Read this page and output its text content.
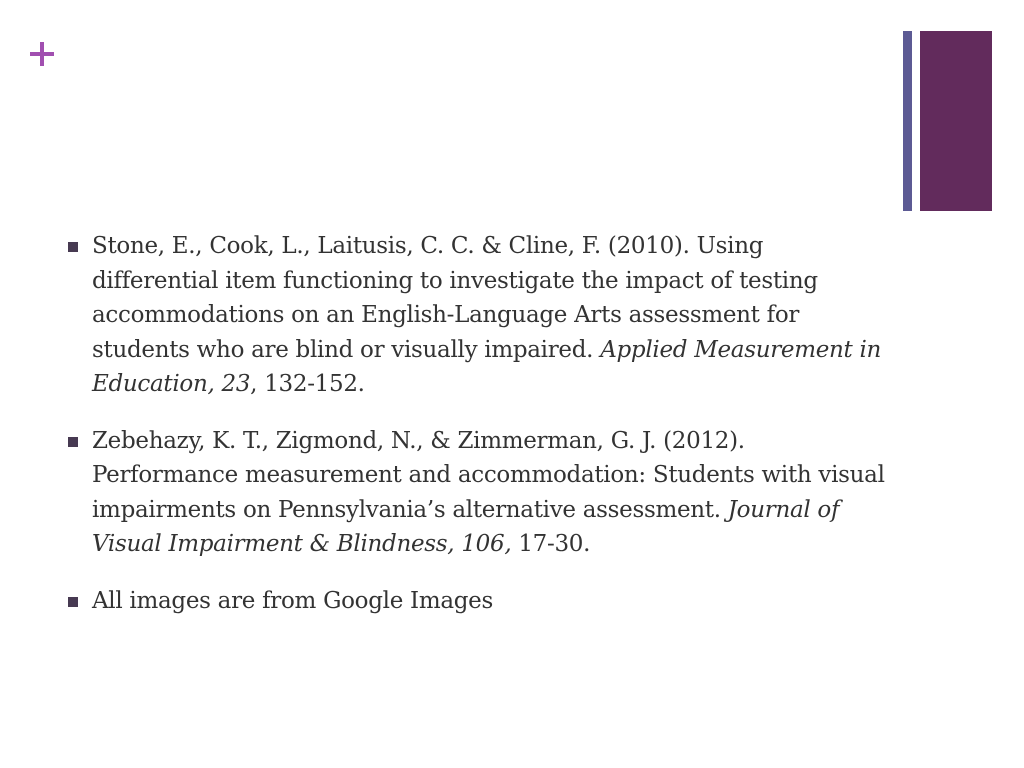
Stone, E., Cook, L., Laitusis, C. C. & Cline, F. (2010). Using differential item functioning to investigate the impact of testing accommodations on an English-Language Arts assessment for students who are blind or visually impaired. Applied Measurement in Education, 23, 132-152.
Zebehazy, K. T., Zigmond, N., & Zimmerman, G. J. (2012). Performance measurement and accommodation: Students with visual impairments on Pennsylvania’s alternative assessment. Journal of Visual Impairment & Blindness, 106, 17-30.
All images are from Google Images
